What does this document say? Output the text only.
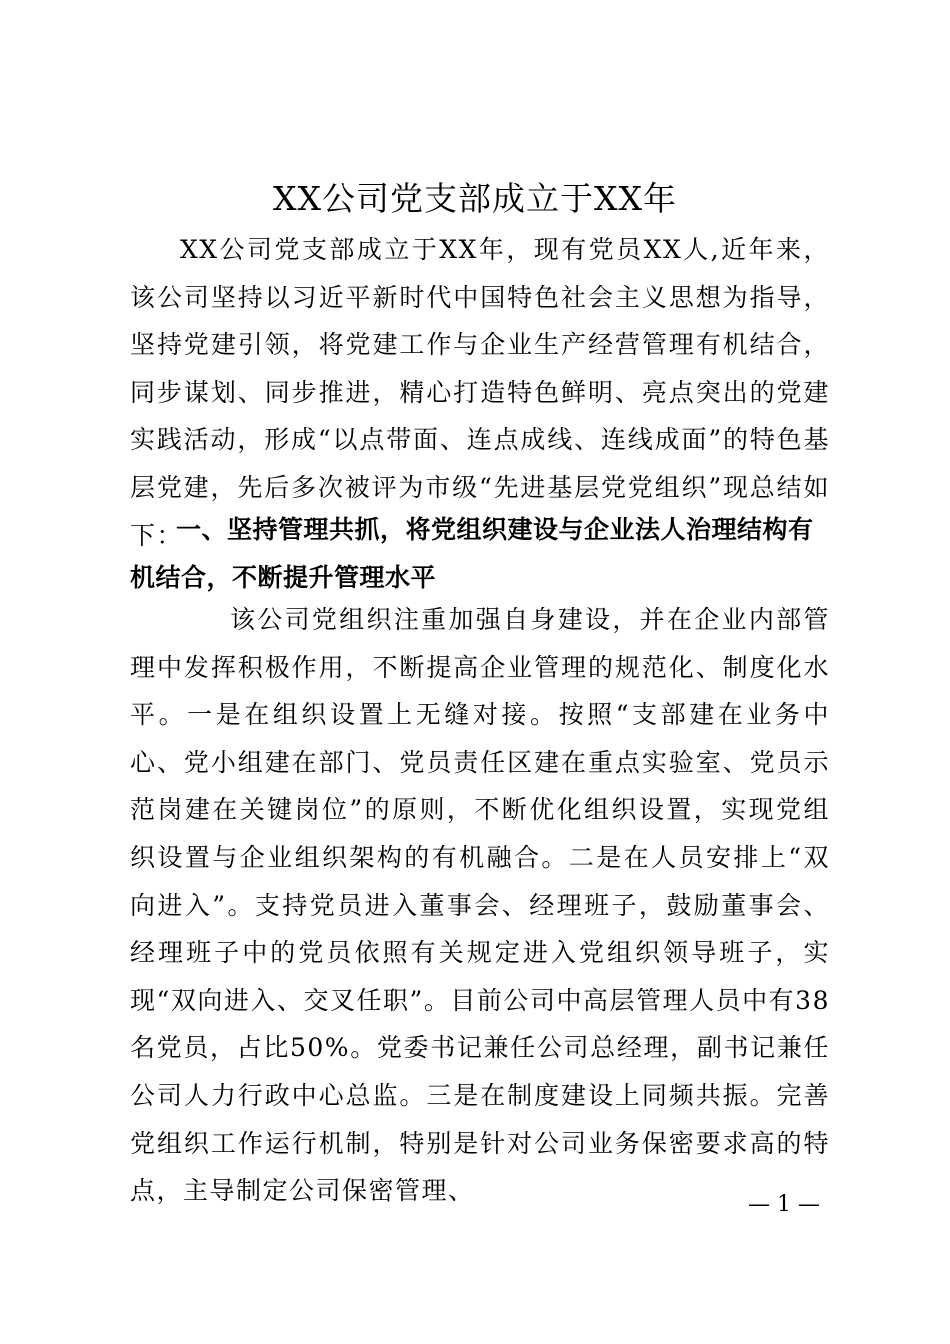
XX公司党支部成立于XX年

XX公司党支部成立于XX年，现有党员XX人,近年来，该公司坚持以习近平新时代中国特色社会主义思想为指导，坚持党建引领，将党建工作与企业生产经营管理有机结合，同步谋划、同步推进，精心打造特色鲜明、亮点突出的党建实践活动，形成“以点带面、连点成线、连线成面”的特色基层党建，先后多次被评为市级“先进基层党党组织”现总结如下：

一、坚持管理共抓，将党组织建设与企业法人治理结构有机结合，不断提升管理水平

该公司党组织注重加强自身建设，并在企业内部管理中发挥积极作用，不断提高企业管理的规范化、制度化水平。一是在组织设置上无缝对接。按照“支部建在业务中心、党小组建在部门、党员责任区建在重点实验室、党员示范岗建在关键岗位”的原则，不断优化组织设置，实现党组织设置与企业组织架构的有机融合。二是在人员安排上“双向进入”。支持党员进入董事会、经理班子，鼓励董事会、经理班子中的党员依照有关规定进入党组织领导班子，实现“双向进入、交叉任职”。目前公司中高层管理人员中有38名党员，占比50%。党委书记兼任公司总经理，副书记兼任公司人力行政中心总监。三是在制度建设上同频共振。完善党组织工作运行机制，特别是针对公司业务保密要求高的特点，主导制定公司保密管理、	— 1 —
